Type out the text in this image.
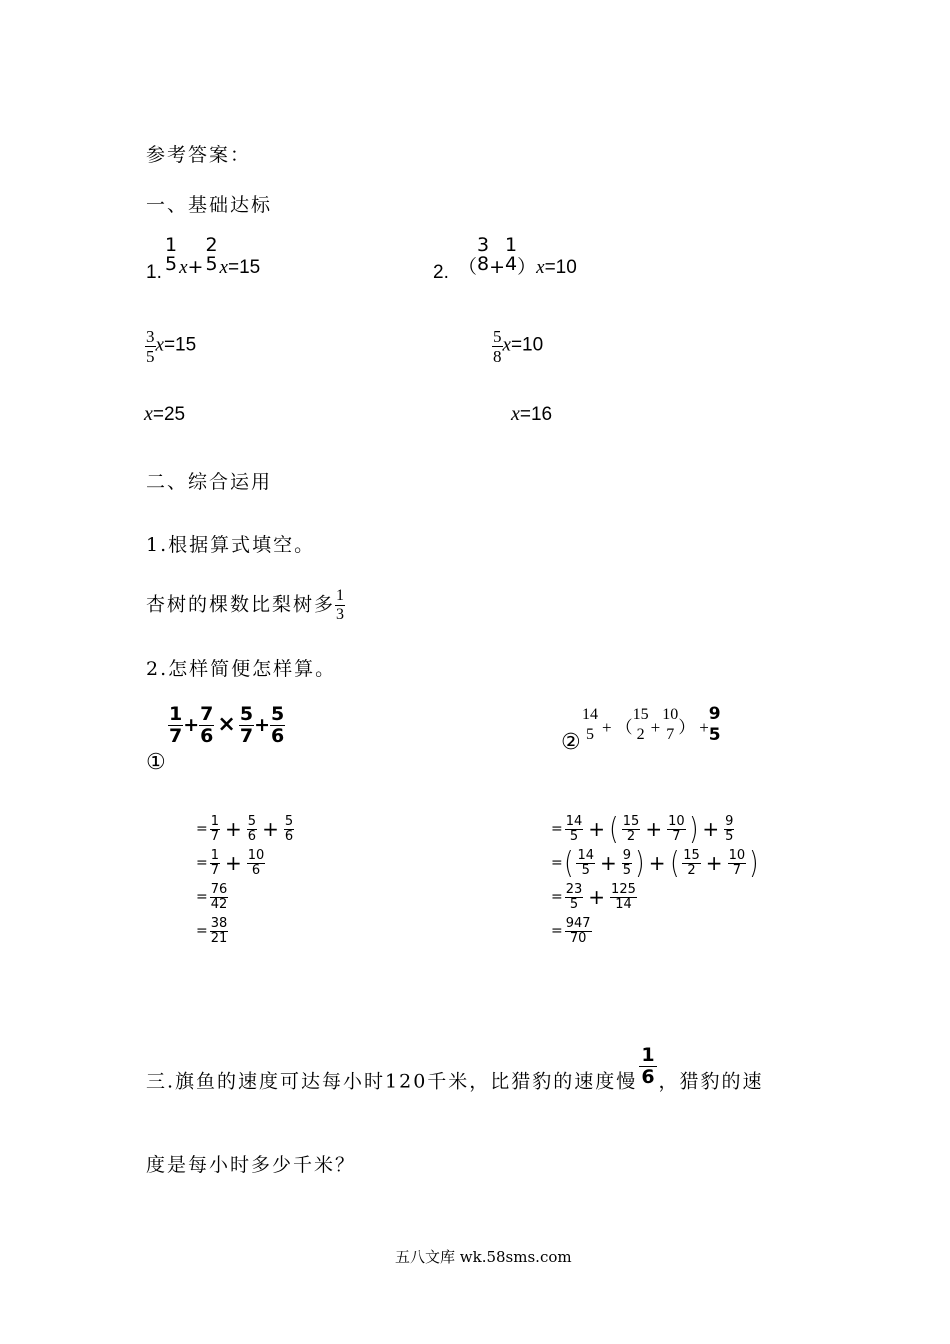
参考答案：
一、基础达标
1.
1
5 x+
2
5 x=15	2. （
3
8 +
1
4 ）x=10
$\frac{3}{5} x=15$	$\frac{5}{8} x=10$
x=25	x=16
二、综合运用
1.根据算式填空。
杏树的棵数比梨树多 $\frac{1}{3}$
2.怎样简便怎样算。
$\frac{1}{7} + \frac{7}{6} \times \frac{5}{7} + \frac{5}{6}$
①
②
14
5 + （
15
2 +
10
7 ） +
9
5
= $\frac{1}{7} + \frac{5}{6} + \frac{5}{6}$
= $\frac{1}{7} + \frac{10}{6}$
= $\frac{76}{42}$
= $\frac{38}{21}$
= $\frac{14}{5}$ + ( 15
$2 + \frac{10}{7}$ ) + $\frac{9}{5}$
= ( 14
$5 + \frac{9}{5}$ ) + ( 15
$2 + \frac{10}{7}$ )
= $\frac{23}{5} + \frac{125}{14}$
= $\frac{947}{70}$
三.旗鱼的速度可达每小时120千米，比猎豹的速度慢 $\frac{1}{6}$ ，猎豹的速
度是每小时多少千米？
五八文库 wk.58sms.com
